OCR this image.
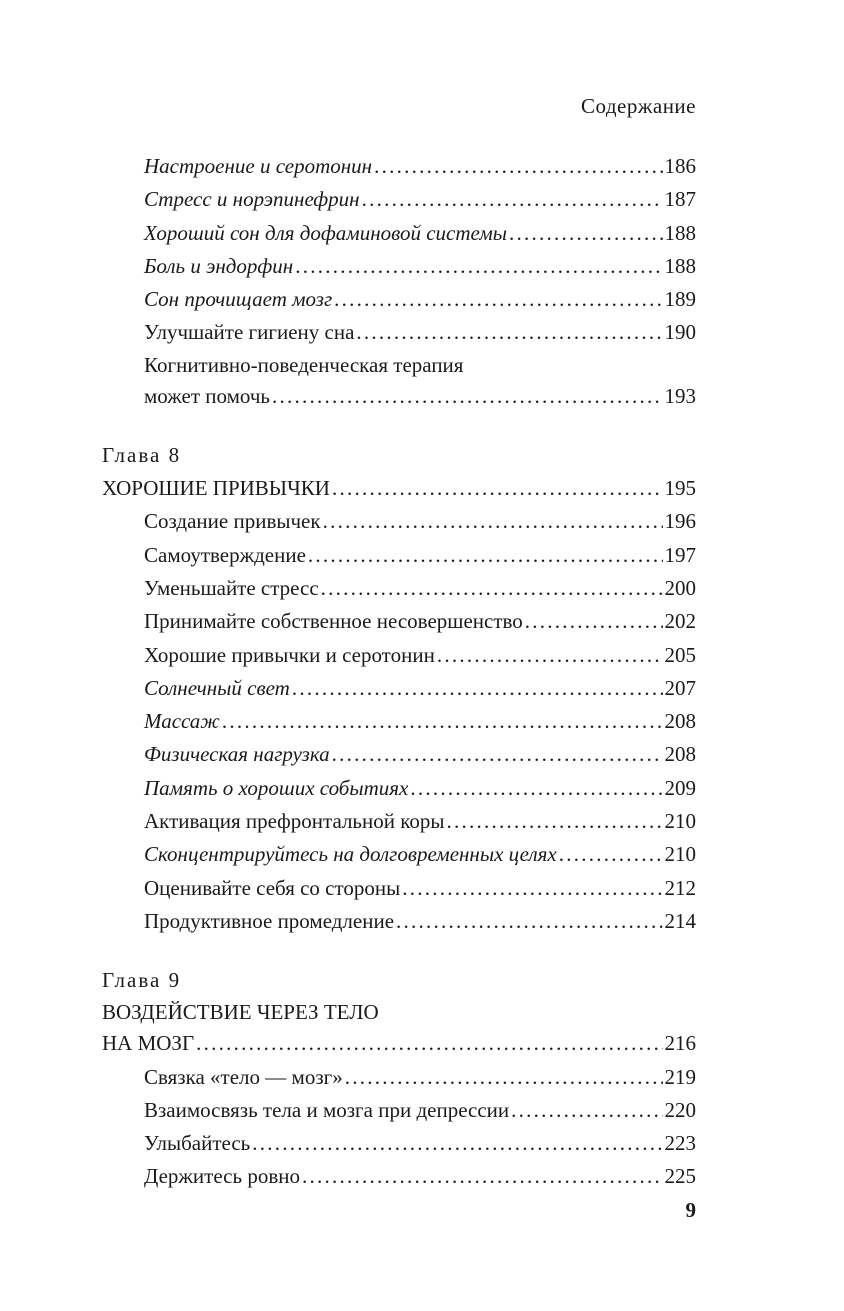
Содержание
Настроение и серотонин . . .	186
Стресс и норэпинефрин . . .	187
Хороший сон для дофаминовой системы . . .	188
Боль и эндорфин . . .	188
Сон прочищает мозг . . .	189
Улучшайте гигиену сна . . .	190
Когнитивно-поведенческая терапия
может помочь . . .	193
Глава 8
ХОРОШИЕ ПРИВЫЧКИ . . .	195
Создание привычек . . .	196
Самоутверждение . . .	197
Уменьшайте стресс . . .	200
Принимайте собственное несовершенство . . .	202
Хорошие привычки и серотонин . . .	205
Солнечный свет . . .	207
Массаж . . .	208
Физическая нагрузка . . .	208
Память о хороших событиях . . .	209
Активация префронтальной коры . . .	210
Сконцентрируйтесь на долговременных целях . . .	210
Оценивайте себя со стороны . . .	212
Продуктивное промедление . . .	214
Глава 9
ВОЗДЕЙСТВИЕ ЧЕРЕЗ ТЕЛО
НА МОЗГ . . .	216
Связка «тело — мозг» . . .	219
Взаимосвязь тела и мозга при депрессии . . .	220
Улыбайтесь . . .	223
Держитесь ровно . . .	225
9
